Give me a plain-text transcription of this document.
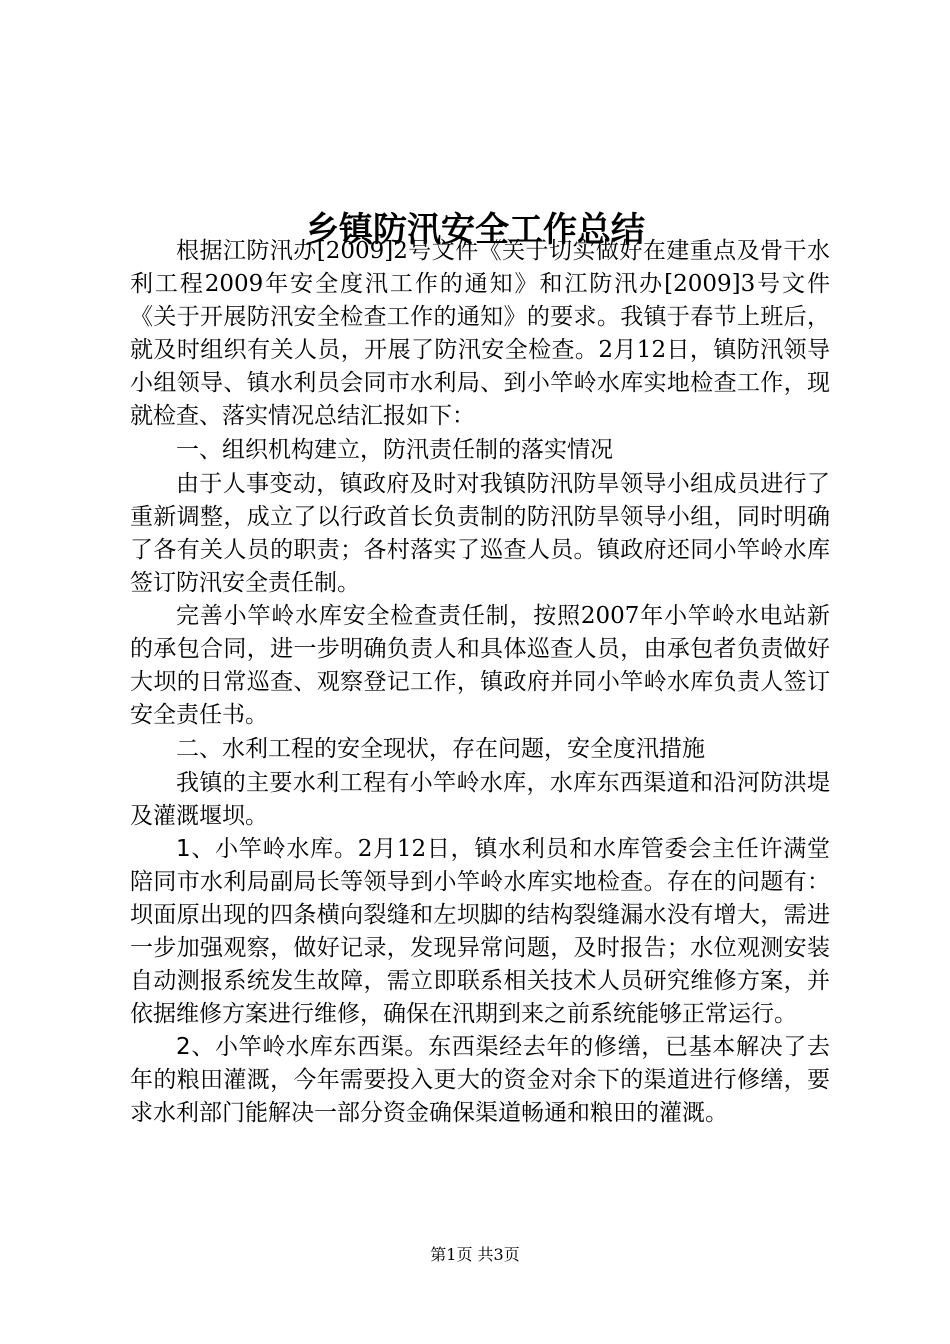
乡镇防汛安全工作总结

根据江防汛办[2009]2号文件《关于切实做好在建重点及骨干水利工程2009年安全度汛工作的通知》和江防汛办[2009]3号文件《关于开展防汛安全检查工作的通知》的要求。我镇于春节上班后，就及时组织有关人员，开展了防汛安全检查。2月12日，镇防汛领导小组领导、镇水利员会同市水利局、到小竿岭水库实地检查工作，现就检查、落实情况总结汇报如下：

一、组织机构建立，防汛责任制的落实情况

由于人事变动，镇政府及时对我镇防汛防旱领导小组成员进行了重新调整，成立了以行政首长负责制的防汛防旱领导小组，同时明确了各有关人员的职责；各村落实了巡查人员。镇政府还同小竿岭水库签订防汛安全责任制。

完善小竿岭水库安全检查责任制，按照2007年小竿岭水电站新的承包合同，进一步明确负责人和具体巡查人员，由承包者负责做好大坝的日常巡查、观察登记工作，镇政府并同小竿岭水库负责人签订安全责任书。

二、水利工程的安全现状，存在问题，安全度汛措施

我镇的主要水利工程有小竿岭水库，水库东西渠道和沿河防洪堤及灌溉堰坝。

1、小竿岭水库。2月12日，镇水利员和水库管委会主任许满堂陪同市水利局副局长等领导到小竿岭水库实地检查。存在的问题有：坝面原出现的四条横向裂缝和左坝脚的结构裂缝漏水没有增大，需进一步加强观察，做好记录，发现异常问题，及时报告；水位观测安装自动测报系统发生故障，需立即联系相关技术人员研究维修方案，并依据维修方案进行维修，确保在汛期到来之前系统能够正常运行。

2、小竿岭水库东西渠。东西渠经去年的修缮，已基本解决了去年的粮田灌溉，今年需要投入更大的资金对余下的渠道进行修缮，要求水利部门能解决一部分资金确保渠道畅通和粮田的灌溉。

第1页 共3页
